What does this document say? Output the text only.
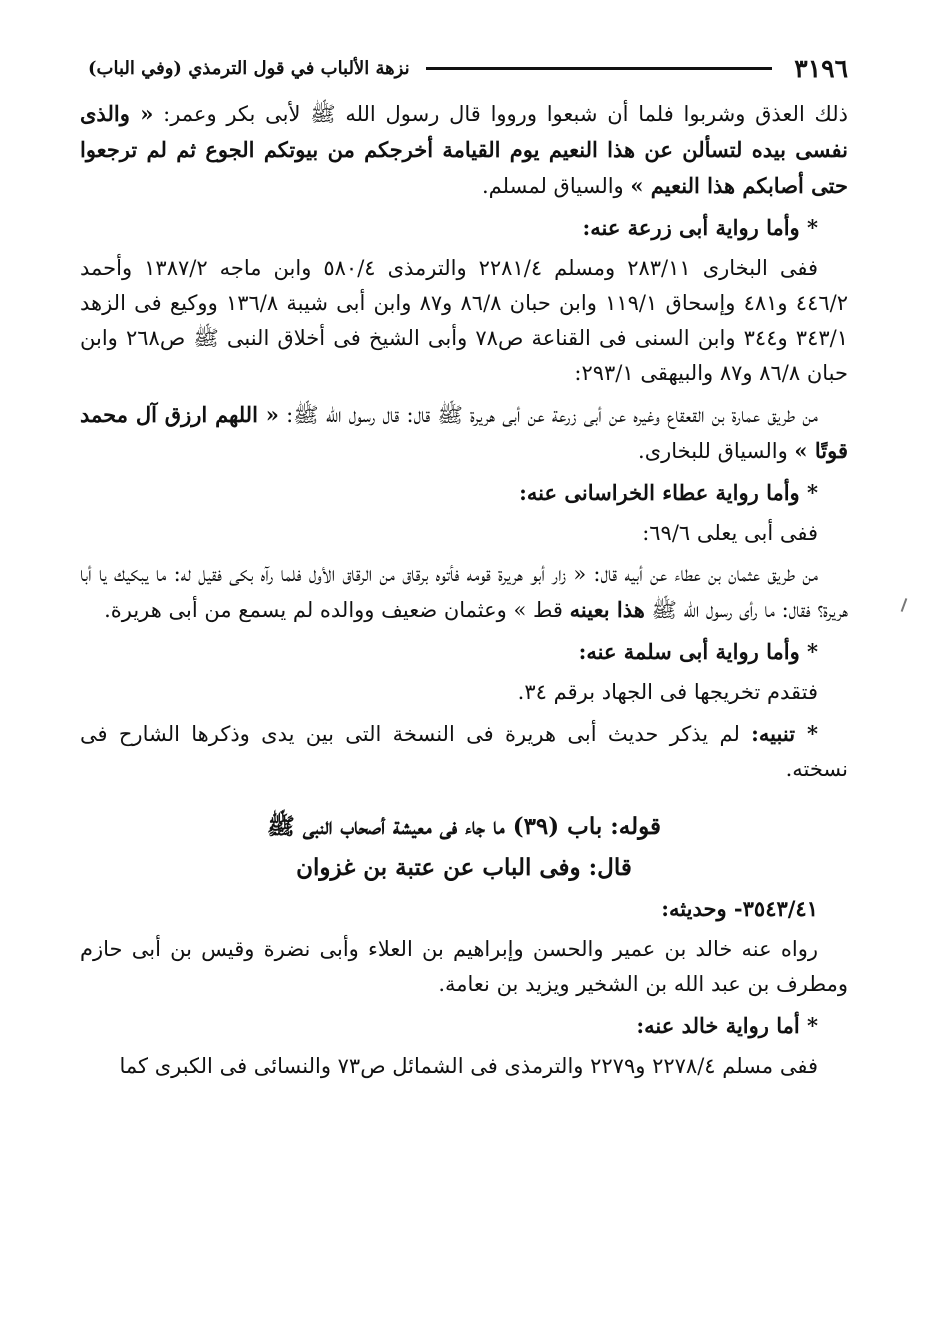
٣١٩٦
نزهة الألباب في قول الترمذي (وفي الباب)

ذلك العذق وشربوا فلما أن شبعوا ورووا قال رسول الله ﷺ لأبى بكر وعمر: « والذى نفسى بيده لتسألن عن هذا النعيم يوم القيامة أخرجكم من بيوتكم الجوع ثم لم ترجعوا حتى أصابكم هذا النعيم » والسياق لمسلم.

* وأما رواية أبى زرعة عنه:

ففى البخارى ٢٨٣/١١ ومسلم ٢٢٨١/٤ والترمذى ٥٨٠/٤ وابن ماجه ١٣٨٧/٢ وأحمد ٤٤٦/٢ و٤٨١ وإسحاق ١١٩/١ وابن حبان ٨٦/٨ و٨٧ وابن أبى شيبة ١٣٦/٨ ووكيع فى الزهد ٣٤٣/١ و٣٤٤ وابن السنى فى القناعة ص٧٨ وأبى الشيخ فى أخلاق النبى ﷺ ص٢٦٨ وابن حبان ٨٦/٨ و٨٧ والبيهقى ٢٩٣/١:

من طريق عمارة بن القعقاع وغيره عن أبى زرعة عن أبى هريرة ﷺ قال: قال رسول الله ﷺ: « اللهم ارزق آل محمد قوتًا » والسياق للبخارى.

* وأما رواية عطاء الخراسانى عنه:

ففى أبى يعلى ٦٩/٦:

من طريق عثمان بن عطاء عن أبيه قال: « زار أبو هريرة قومه فأتوه برقاق من الرقاق الأول فلما رآه بكى فقيل له: ما يبكيك يا أبا هريرة؟ فقال: ما رأى رسول الله ﷺ هذا بعينه قط » وعثمان ضعيف ووالده لم يسمع من أبى هريرة.

* وأما رواية أبى سلمة عنه:

فتقدم تخريجها فى الجهاد برقم ٣٤.

* تنبيه: لم يذكر حديث أبى هريرة فى النسخة التى بين يدى وذكرها الشارح فى نسخته.

قوله: باب (٣٩) ما جاء فى معيشة أصحاب النبى ﷺ

قال: وفى الباب عن عتبة بن غزوان

٣٥٤٣/٤١- وحديثه:

رواه عنه خالد بن عمير والحسن وإبراهيم بن العلاء وأبى نضرة وقيس بن أبى حازم ومطرف بن عبد الله بن الشخير ويزيد بن نعامة.

* أما رواية خالد عنه:

ففى مسلم ٢٢٧٨/٤ و٢٢٧٩ والترمذى فى الشمائل ص٧٣ والنسائى فى الكبرى كما
